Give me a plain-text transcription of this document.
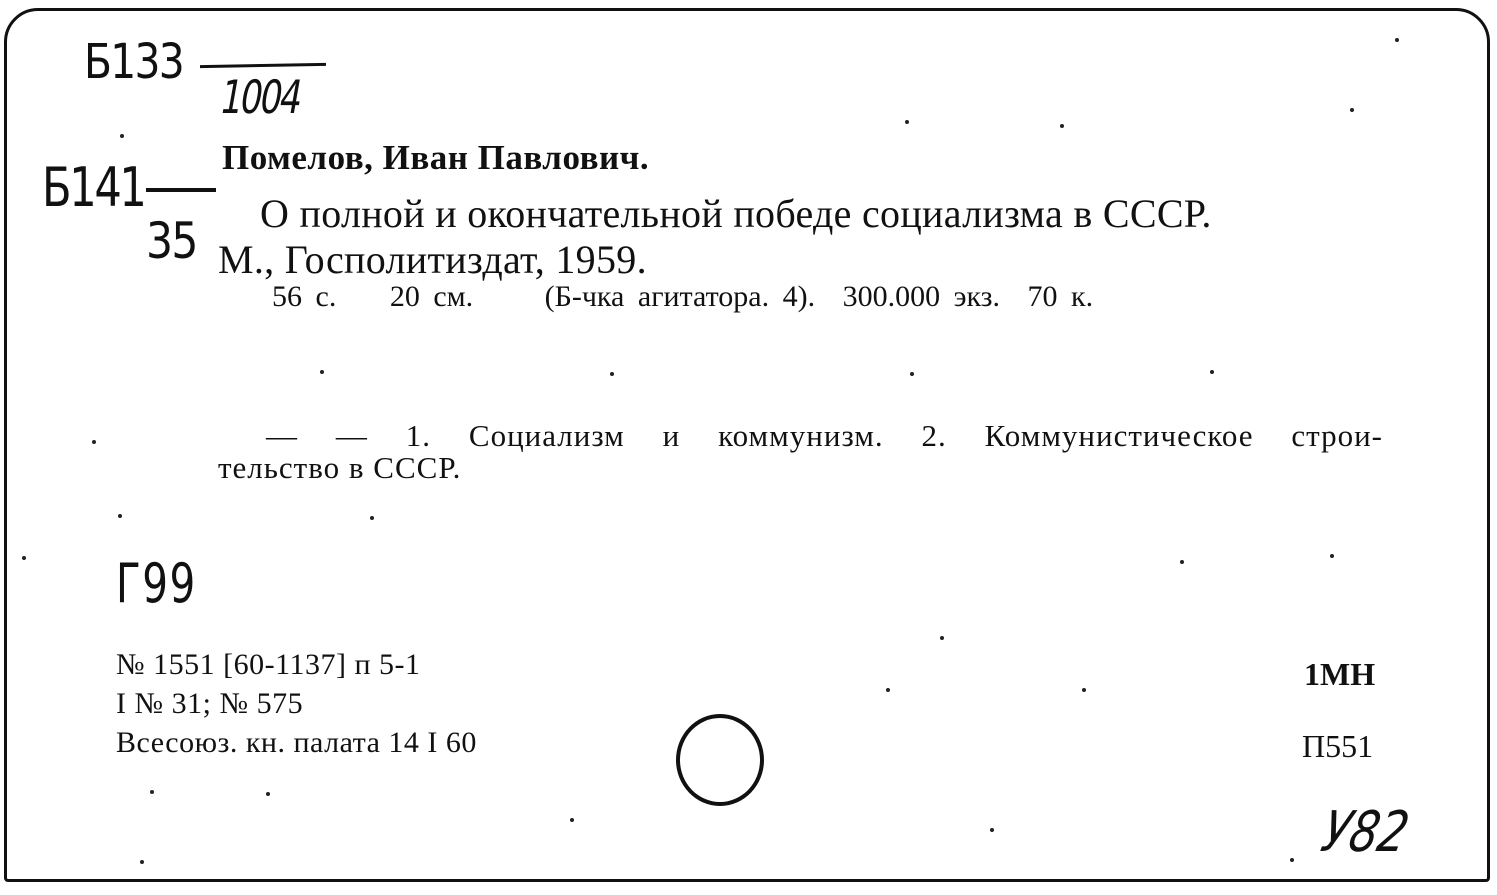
Б133
1004
Б141
35
Помелов, Иван Павлович.
О полной и окончательной победе социализма в СССР.
М., Госполитиздат, 1959.
56 с. 20 см. (Б-чка агитатора. 4). 300.000 экз. 70 к.
— — 1. Социализм и коммунизм. 2. Коммунистическое строи-
тельство в СССР.
Г99
№ 1551 [60-1137] п 5-1
I № 31; № 575
Всесоюз. кн. палата 14 I 60
1МН
П551
У82
